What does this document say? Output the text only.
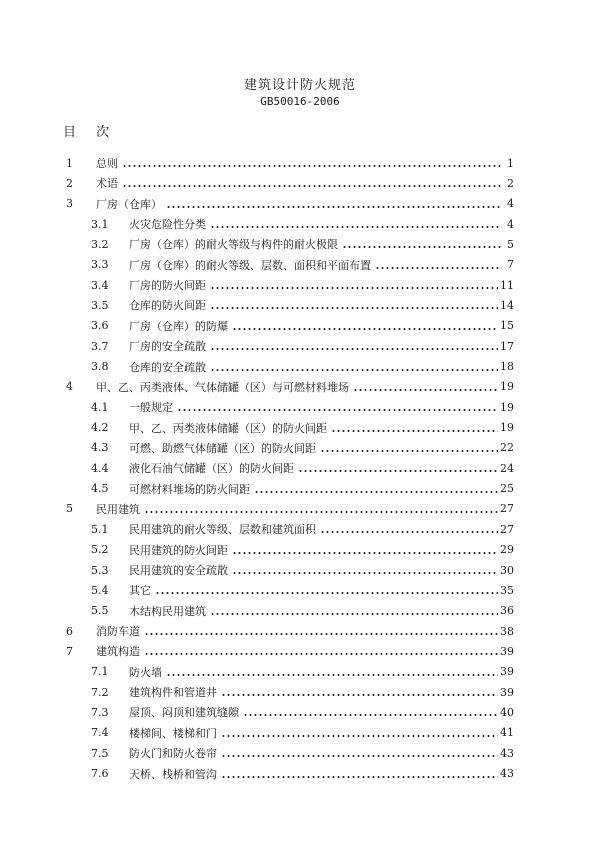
建筑设计防火规范
GB50016-2006
目 次
1	总则	1
2	术语	2
3	厂房（仓库）	4
3.1	火灾危险性分类	4
3.2	厂房（仓库）的耐火等级与构件的耐火极限	5
3.3	厂房（仓库）的耐火等级、层数、面积和平面布置	7
3.4	厂房的防火间距	11
3.5	仓库的防火间距	14
3.6	厂房（仓库）的防爆	15
3.7	厂房的安全疏散	17
3.8	仓库的安全疏散	18
4	甲、乙、丙类液体、气体储罐（区）与可燃材料堆场	19
4.1	一般规定	19
4.2	甲、乙、丙类液体储罐（区）的防火间距	19
4.3	可燃、助燃气体储罐（区）的防火间距	22
4.4	液化石油气储罐（区）的防火间距	24
4.5	可燃材料堆场的防火间距	25
5	民用建筑	27
5.1	民用建筑的耐火等级、层数和建筑面积	27
5.2	民用建筑的防火间距	29
5.3	民用建筑的安全疏散	30
5.4	其它	35
5.5	木结构民用建筑	36
6	消防车道	38
7	建筑构造	39
7.1	防火墙	39
7.2	建筑构件和管道井	39
7.3	屋顶、闷顶和建筑缝隙	40
7.4	楼梯间、楼梯和门	41
7.5	防火门和防火卷帘	43
7.6	天桥、栈桥和管沟	43
